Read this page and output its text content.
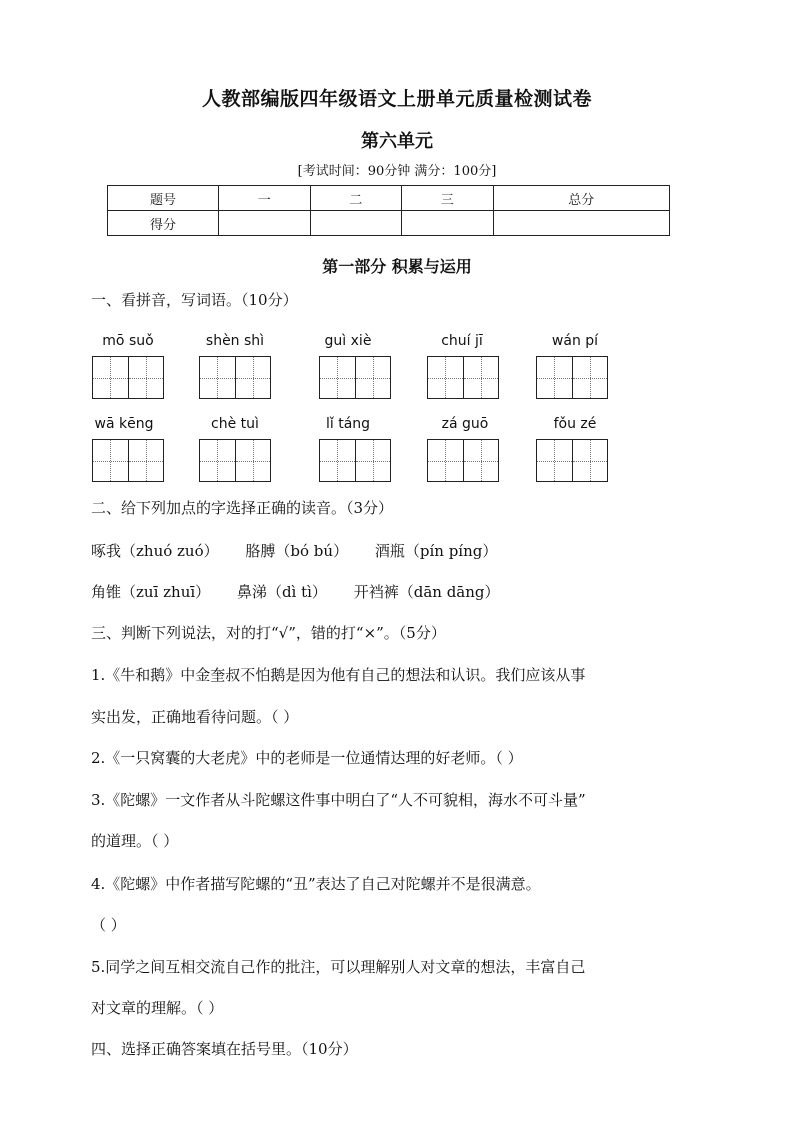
人教部编版四年级语文上册单元质量检测试卷
第六单元
[考试时间：90分钟 满分：100分]
题号	一	二	三	总分
得分				
第一部分 积累与运用
一、看拼音，写词语。（10分）
mō suǒ	shèn shì	guì xiè	chuí jī	wán pí
wā kēng	chè tuì	lǐ táng	zá guō	fǒu zé
二、给下列加点的字选择正确的读音。（3分）
啄我（zhuó zuó） 胳膊（bó bú） 酒瓶（pín píng）
角锥（zuī zhuī） 鼻涕（dì tì） 开裆裤（dān dāng）
三、判断下列说法，对的打“√”，错的打“×”。（5分）
1.《牛和鹅》中金奎叔不怕鹅是因为他有自己的想法和认识。我们应该从事
实出发，正确地看待问题。（ ）
2.《一只窝囊的大老虎》中的老师是一位通情达理的好老师。（ ）
3.《陀螺》一文作者从斗陀螺这件事中明白了“人不可貌相，海水不可斗量”
的道理。（ ）
4.《陀螺》中作者描写陀螺的“丑”表达了自己对陀螺并不是很满意。
（ ）
5.同学之间互相交流自己作的批注，可以理解别人对文章的想法，丰富自己
对文章的理解。（ ）
四、选择正确答案填在括号里。（10分）
